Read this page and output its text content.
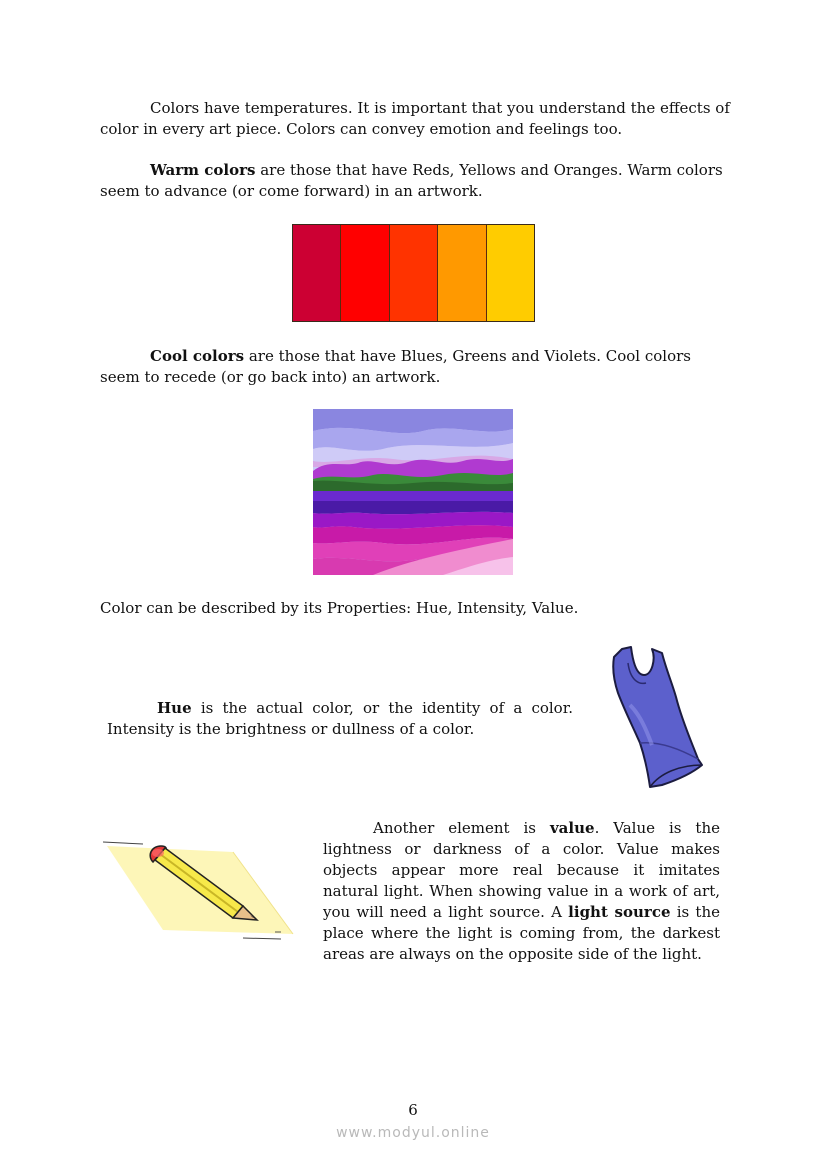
Colors have temperatures. It is important that you understand the effects of color in every art piece. Colors can convey emotion and feelings too.

Warm colors are those that have Reds, Yellows and Oranges. Warm colors seem to advance (or come forward) in an artwork.

Cool colors are those that have Blues, Greens and Violets. Cool colors seem to recede (or go back into) an artwork.

Color can be described by its Properties: Hue, Intensity, Value.

Hue is the actual color, or the identity of a color. Intensity is the brightness or dullness of a color.

Another element is value. Value is the lightness or darkness of a color. Value makes objects appear more real because it imitates natural light. When showing value in a work of art, you will need a light source. A light source is the place where the light is coming from, the darkest areas are always on the opposite side of the light.

6
www.modyul.online
